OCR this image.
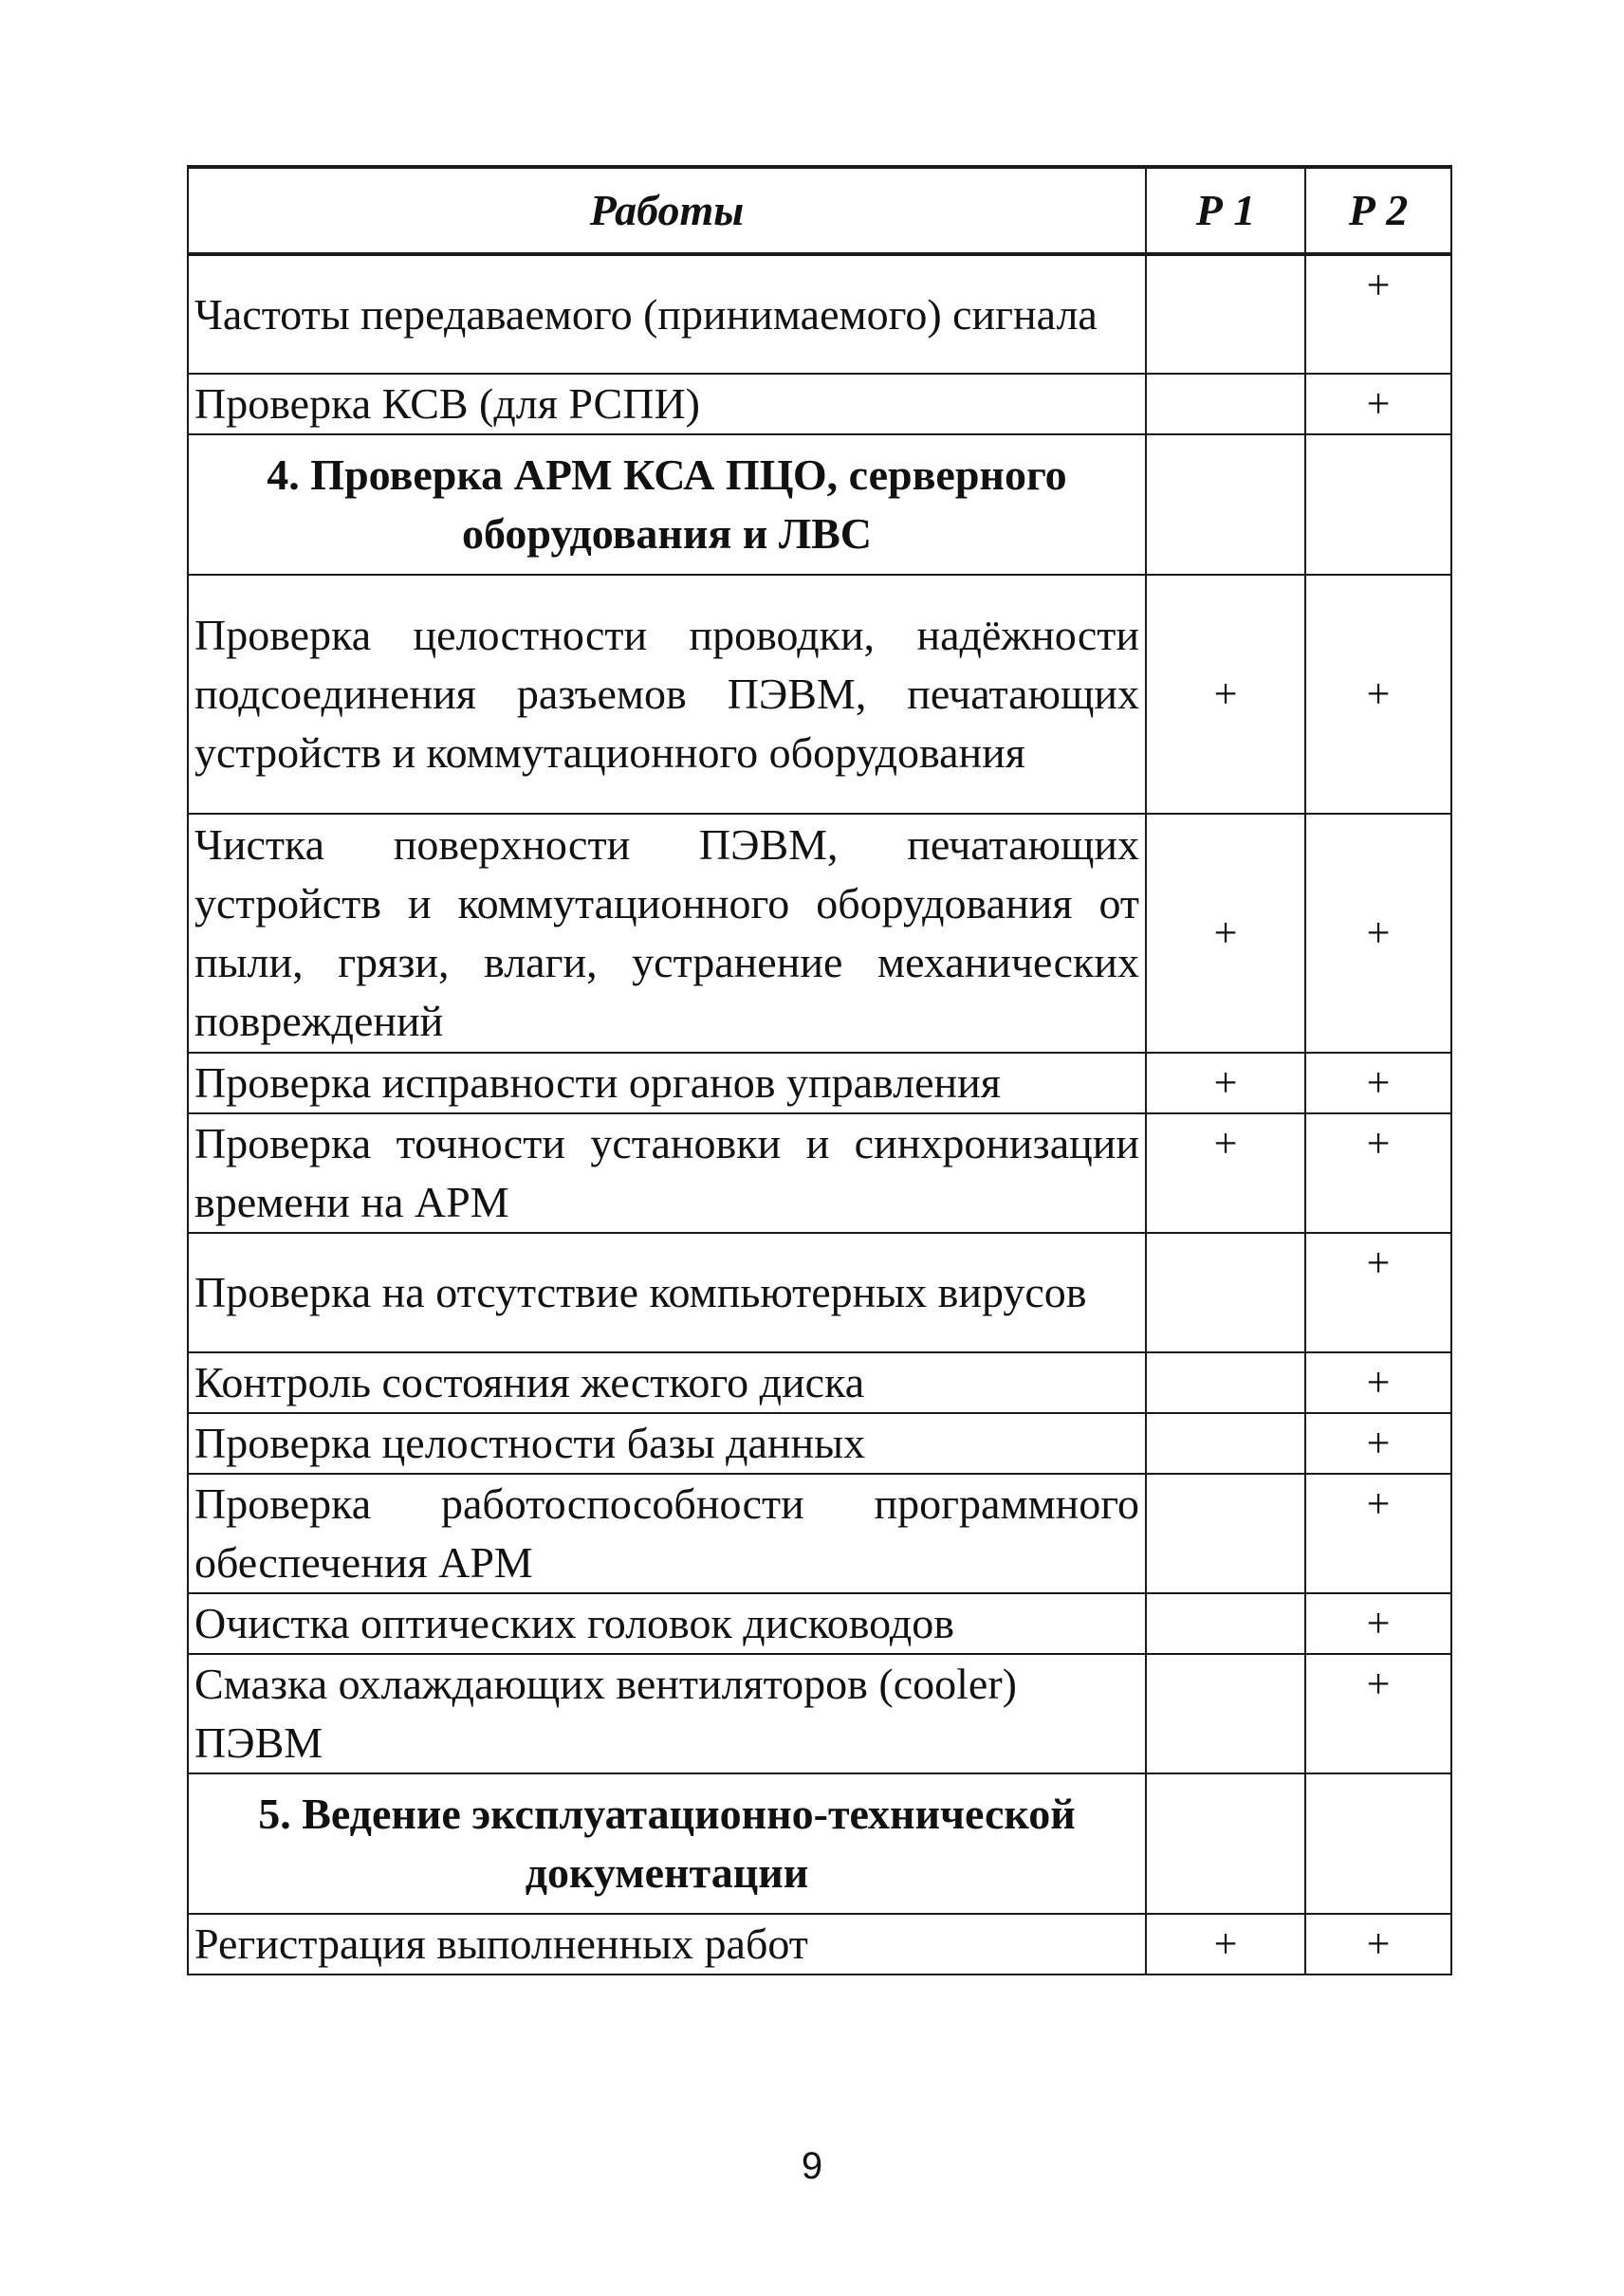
Работы	Р 1	Р 2
Частоты передаваемого (принимаемого) сигнала		+
Проверка КСВ (для РСПИ)		+
4. Проверка АРМ КСА ПЦО, серверного оборудования и ЛВС		
Проверка целостности проводки, надёжности подсоединения разъемов ПЭВМ, печатающих устройств и коммутационного оборудования	+	+
Чистка поверхности ПЭВМ, печатающих устройств и коммутационного оборудования от пыли, грязи, влаги, устранение механических повреждений	+	+
Проверка исправности органов управления	+	+
Проверка точности установки и синхронизации времени на АРМ	+	+
Проверка на отсутствие компьютерных вирусов		+
Контроль состояния жесткого диска		+
Проверка целостности базы данных		+
Проверка работоспособности программного обеспечения АРМ		+
Очистка оптических головок дисководов		+
Смазка охлаждающих вентиляторов (cooler) ПЭВМ		+
5. Ведение эксплуатационно-технической документации		
Регистрация выполненных работ	+	+
9
